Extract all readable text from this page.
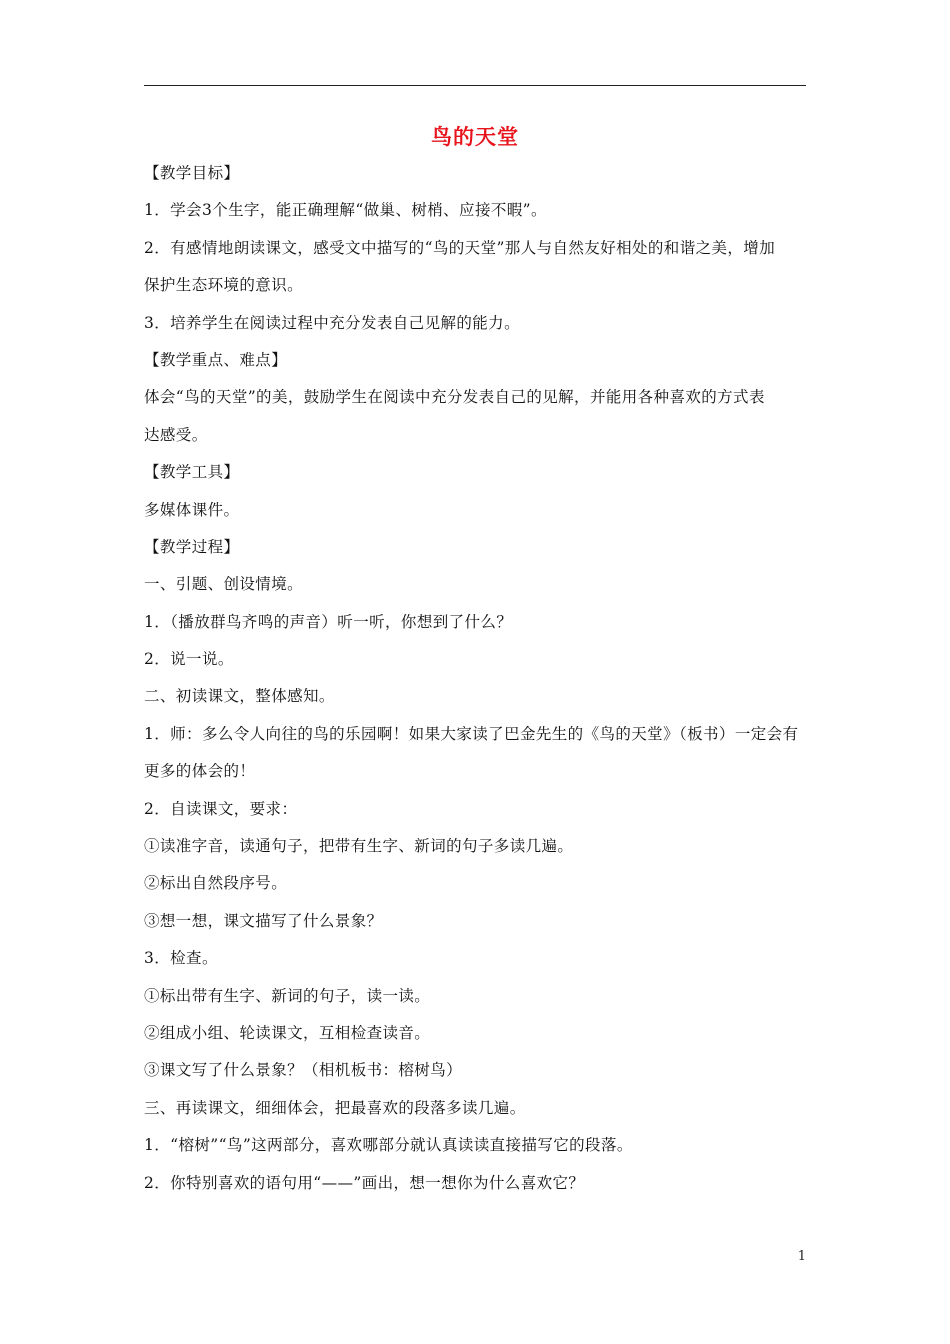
鸟的天堂
【教学目标】
1．学会3个生字，能正确理解“做巢、树梢、应接不暇”。
2．有感情地朗读课文，感受文中描写的“鸟的天堂”那人与自然友好相处的和谐之美，增加
保护生态环境的意识。
3．培养学生在阅读过程中充分发表自己见解的能力。
【教学重点、难点】
体会“鸟的天堂”的美，鼓励学生在阅读中充分发表自己的见解，并能用各种喜欢的方式表
达感受。
【教学工具】
多媒体课件。
【教学过程】
一、引题、创设情境。
1．（播放群鸟齐鸣的声音）听一听，你想到了什么？
2．说一说。
二、初读课文，整体感知。
1．师：多么令人向往的鸟的乐园啊！如果大家读了巴金先生的《鸟的天堂》（板书）一定会有
更多的体会的！
2．自读课文，要求：
①读准字音，读通句子，把带有生字、新词的句子多读几遍。
②标出自然段序号。
③想一想，课文描写了什么景象？
3．检查。
①标出带有生字、新词的句子，读一读。
②组成小组、轮读课文，互相检查读音。
③课文写了什么景象？（相机板书：榕树鸟）
三、再读课文，细细体会，把最喜欢的段落多读几遍。
1．“榕树”“鸟”这两部分，喜欢哪部分就认真读读直接描写它的段落。
2．你特别喜欢的语句用“——”画出，想一想你为什么喜欢它？
1
